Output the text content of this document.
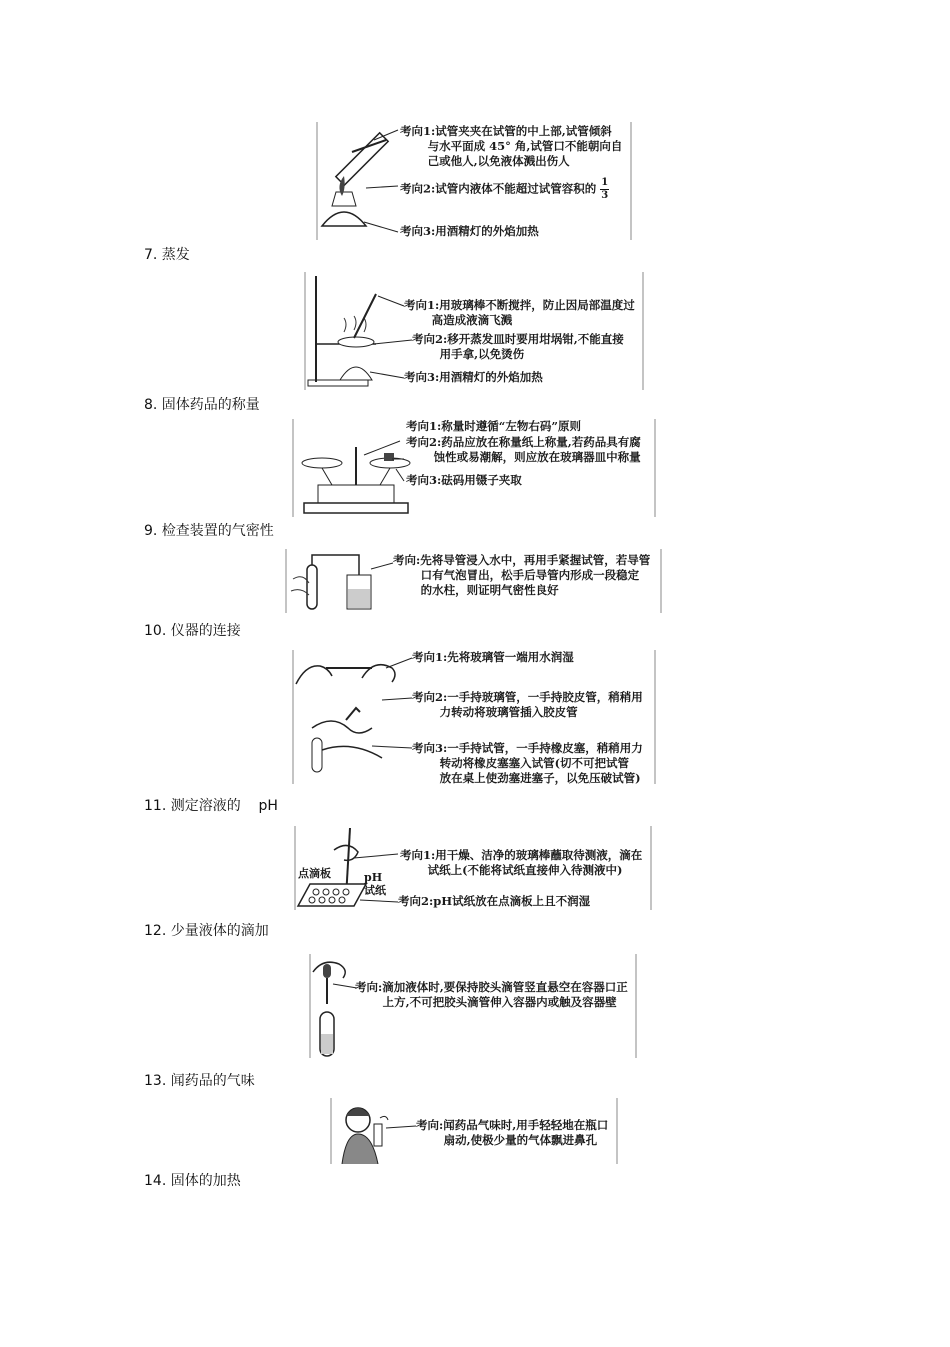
考向1:试管夹夹在试管的中上部,试管倾斜
与水平面成 45° 角,试管口不能朝向自
己或他人,以免液体溅出伤人
考向2:试管内液体不能超过试管容积的 $\frac{1}{3}$
考向3:用酒精灯的外焰加热
7. 蒸发
考向1:用玻璃棒不断搅拌，防止因局部温度过
高造成液滴飞溅
考向2:移开蒸发皿时要用坩埚钳,不能直接
用手拿,以免烫伤
考向3:用酒精灯的外焰加热
8. 固体药品的称量
考向1:称量时遵循“左物右码”原则
考向2:药品应放在称量纸上称量,若药品具有腐
蚀性或易潮解，则应放在玻璃器皿中称量
考向3:砝码用镊子夹取
9. 检查装置的气密性
考向:先将导管浸入水中，再用手紧握试管，若导管
口有气泡冒出，松手后导管内形成一段稳定
的水柱，则证明气密性良好
10. 仪器的连接
考向1:先将玻璃管一端用水润湿
考向2:一手持玻璃管，一手持胶皮管，稍稍用
力转动将玻璃管插入胶皮管
考向3:一手持试管，一手持橡皮塞，稍稍用力
转动将橡皮塞塞入试管(切不可把试管
放在桌上使劲塞进塞子，以免压破试管)
11. 测定溶液的    pH
点滴板	pH
试纸
考向1:用干燥、洁净的玻璃棒蘸取待测液，滴在
试纸上(不能将试纸直接伸入待测液中)
考向2:pH试纸放在点滴板上且不润湿
12. 少量液体的滴加
考向:滴加液体时,要保持胶头滴管竖直悬空在容器口正
上方,不可把胶头滴管伸入容器内或触及容器壁
13. 闻药品的气味
考向:闻药品气味时,用手轻轻地在瓶口
扇动,使极少量的气体飘进鼻孔
14. 固体的加热
